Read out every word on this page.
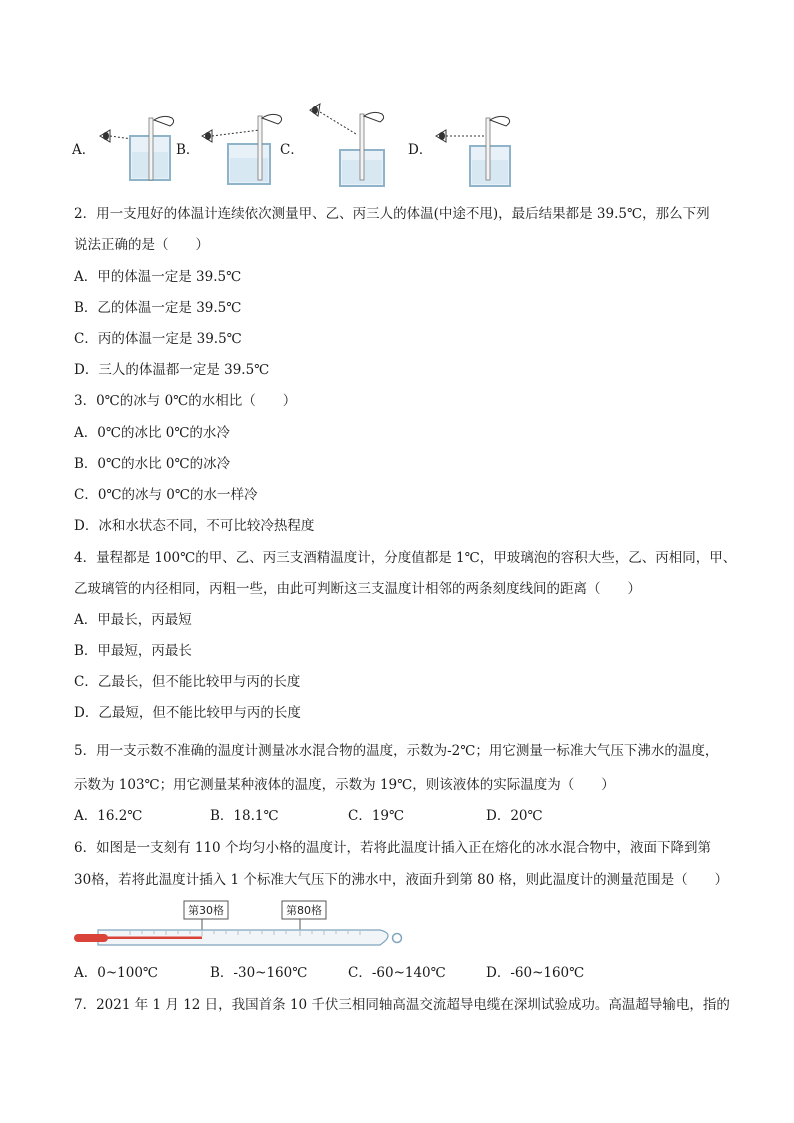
A．	B．	C．	D．
2．用一支甩好的体温计连续依次测量甲、乙、丙三人的体温(中途不甩)，最后结果都是 39.5℃，那么下列
说法正确的是（　　）
A．甲的体温一定是 39.5℃
B．乙的体温一定是 39.5℃
C．丙的体温一定是 39.5℃
D．三人的体温都一定是 39.5℃
3．0℃的冰与 0℃的水相比（　　）
A．0℃的冰比 0℃的水冷
B．0℃的水比 0℃的冰冷
C．0℃的冰与 0℃的水一样冷
D．冰和水状态不同，不可比较冷热程度
4．量程都是 100℃的甲、乙、丙三支酒精温度计，分度值都是 1℃，甲玻璃泡的容积大些，乙、丙相同，甲、
乙玻璃管的内径相同，丙粗一些，由此可判断这三支温度计相邻的两条刻度线间的距离（　　）
A．甲最长，丙最短
B．甲最短，丙最长
C．乙最长，但不能比较甲与丙的长度
D．乙最短，但不能比较甲与丙的长度
5．用一支示数不准确的温度计测量冰水混合物的温度，示数为-2℃；用它测量一标准大气压下沸水的温度，
示数为 103℃；用它测量某种液体的温度，示数为 19℃，则该液体的实际温度为（　　）
A．16.2℃	B．18.1℃	C．19℃	D．20℃
6．如图是一支刻有 110 个均匀小格的温度计，若将此温度计插入正在熔化的冰水混合物中，液面下降到第
30格，若将此温度计插入 1 个标准大气压下的沸水中，液面升到第 80 格，则此温度计的测量范围是（　　）
第30格	第80格
A．0~100℃	B．-30~160℃	C．-60~140℃	D．-60~160℃
7．2021 年 1 月 12 日，我国首条 10 千伏三相同轴高温交流超导电缆在深圳试验成功。高温超导输电，指的
